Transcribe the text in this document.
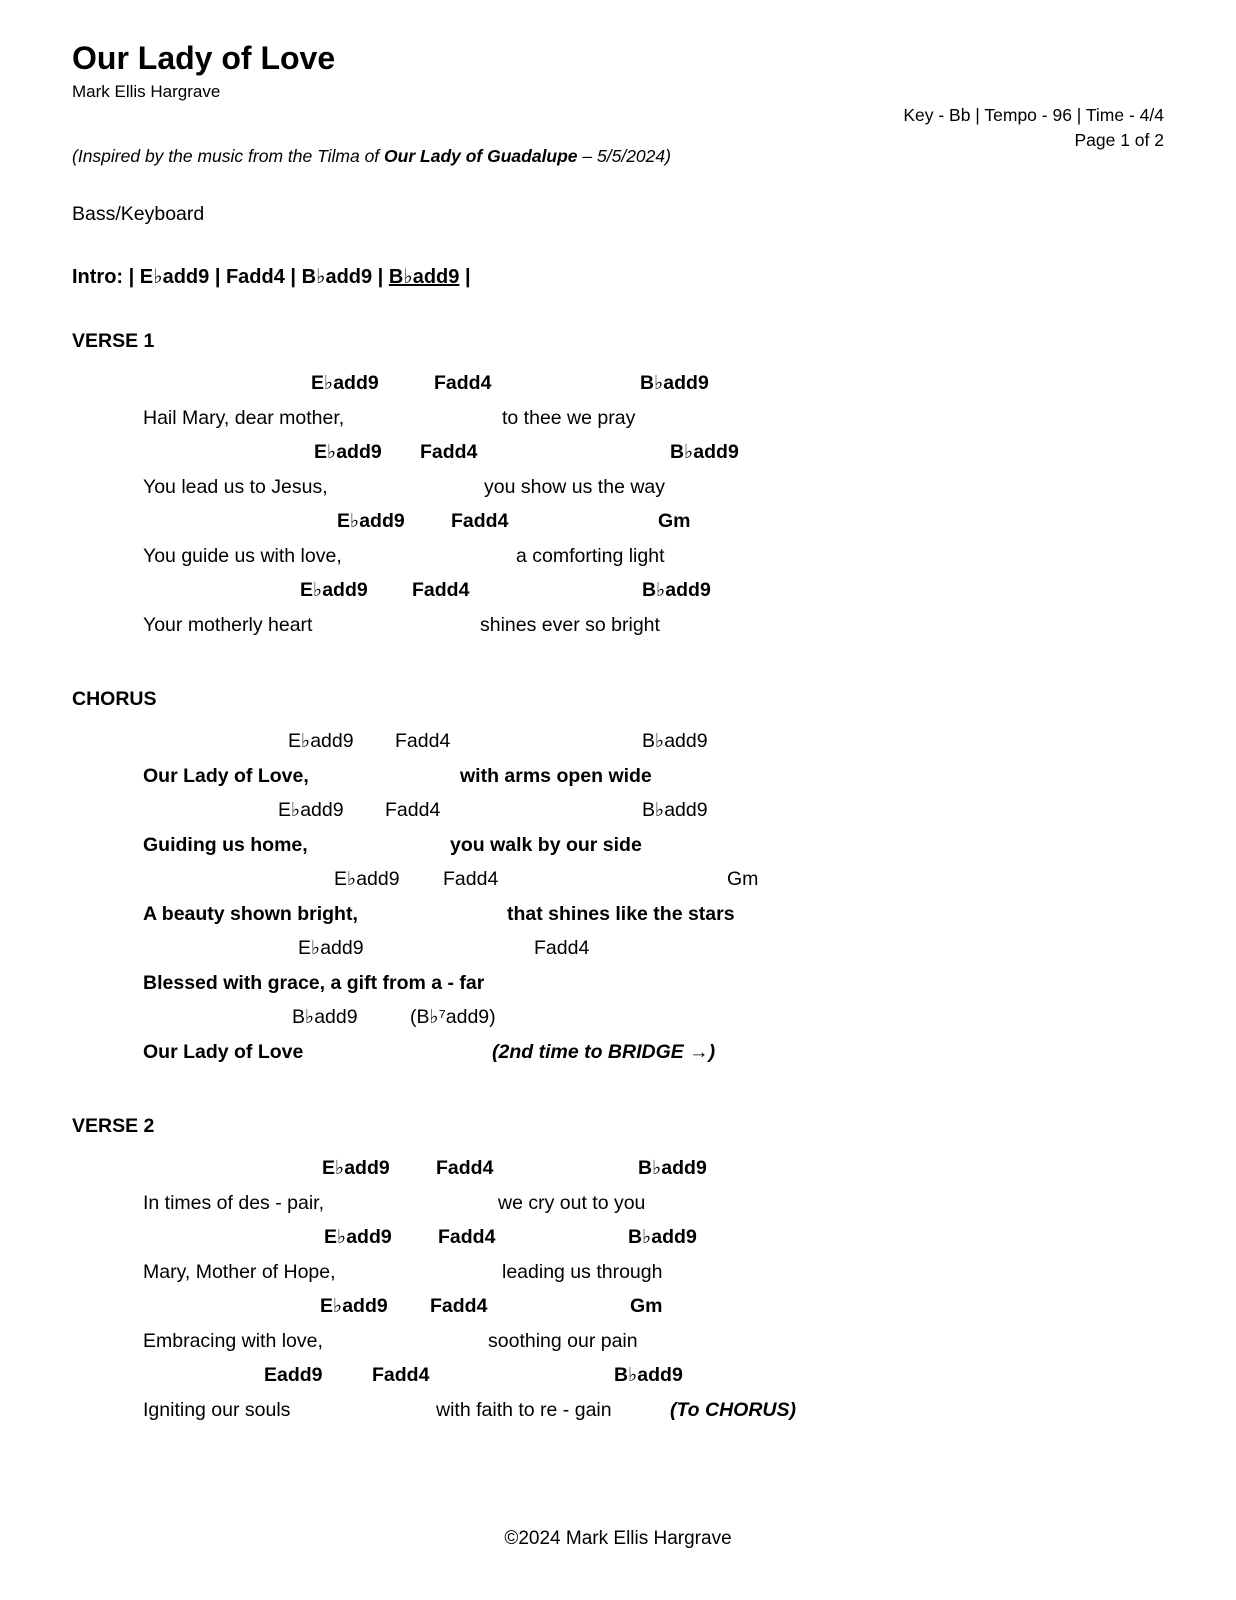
Our Lady of Love
Mark Ellis Hargrave
Key - Bb | Tempo - 96 | Time - 4/4
Page 1 of 2
(Inspired by the music from the Tilma of Our Lady of Guadalupe – 5/5/2024)
Bass/Keyboard
Intro: | E♭add9 | Fadd4 | B♭add9 | B♭add9 |
VERSE 1
E♭add9	Fadd4	B♭add9
Hail Mary, dear mother,	to thee we pray
E♭add9 Fadd4	B♭add9
You lead us to Jesus,	you show us the way
E♭add9 Fadd4	Gm
You guide us with love,	a comforting light
E♭add9 Fadd4	B♭add9
Your motherly heart	shines ever so bright
CHORUS
E♭add9 Fadd4	B♭add9
Our Lady of Love,	with arms open wide
E♭add9 Fadd4	B♭add9
Guiding us home,	you walk by our side
E♭add9 Fadd4	Gm
A beauty shown bright,	that shines like the stars
E♭add9	Fadd4
Blessed with grace, a gift from a - far
B♭add9	(B♭⁷add9)
Our Lady of Love	(2nd time to BRIDGE →)
VERSE 2
E♭add9 Fadd4	B♭add9
In times of des - pair,	we cry out to you
E♭add9 Fadd4	B♭add9
Mary, Mother of Hope,	leading us through
E♭add9 Fadd4	Gm
Embracing with love,	soothing our pain
Eadd9	Fadd4	B♭add9
Igniting our souls	with faith to re - gain	(To CHORUS)
©2024 Mark Ellis Hargrave
